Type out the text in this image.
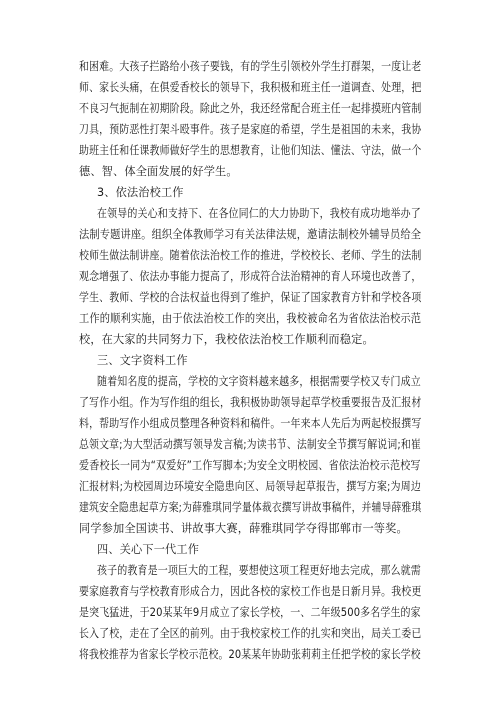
和困难。大孩子拦路给小孩子要钱，有的学生引领校外学生打群架，一度让老
师、家长头痛，在俱爱香校长的领导下，我积极和班主任一道调查、处理，把
不良习气扼制在初期阶段。除此之外，我还经常配合班主任一起排摸班内管制
刀具，预防恶性打架斗殴事件。孩子是家庭的希望，学生是祖国的未来，我协
助班主任和任课教师做好学生的思想教育，让他们知法、懂法、守法，做一个
德、智、体全面发展的好学生。
3、依法治校工作
在领导的关心和支持下、在各位同仁的大力协助下，我校有成功地举办了
法制专题讲座。组织全体教师学习有关法律法规，邀请法制校外辅导员给全
校师生做法制讲座。随着依法治校工作的推进，学校校长、老师、学生的法制
观念增强了、依法办事能力提高了，形成符合法治精神的育人环境也改善了，
学生、教师、学校的合法权益也得到了维护，保证了国家教育方针和学校各项
工作的顺利实施，由于依法治校工作的突出，我校被命名为省依法治校示范
校，在大家的共同努力下，我校依法治校工作顺利而稳定。
三、文字资料工作
随着知名度的提高，学校的文字资料越来越多，根据需要学校又专门成立
了写作小组。作为写作组的组长，我积极协助领导起草学校重要报告及汇报材
料，帮助写作小组成员整理各种资料和稿件。一年来本人先后为两起校报撰写
总领文章;为大型活动撰写领导发言稿;为读书节、法制安全节撰写解说词;和崔
爱香校长一同为“双爱好”工作写脚本;为安全文明校园、省依法治校示范校写
汇报材料;为校园周边环境安全隐患向区、局领导起草报告，撰写方案;为周边
建筑安全隐患起草方案;为薛雅琪同学量体裁衣撰写讲故事稿件，并辅导薛雅琪
同学参加全国读书、讲故事大赛，薛雅琪同学夺得邯郸市一等奖。
四、关心下一代工作
孩子的教育是一项巨大的工程，要想使这项工程更好地去完成，那么就需
要家庭教育与学校教育形成合力，因此各校的家校工作也是日新月异。我校更
是突飞猛进，于20某某年9月成立了家长学校，一、二年级500多名学生的家
长入了校，走在了全区的前列。由于我校家校工作的扎实和突出，局关工委已
将我校推荐为省家长学校示范校。20某某年协助张莉莉主任把学校的家长学校
